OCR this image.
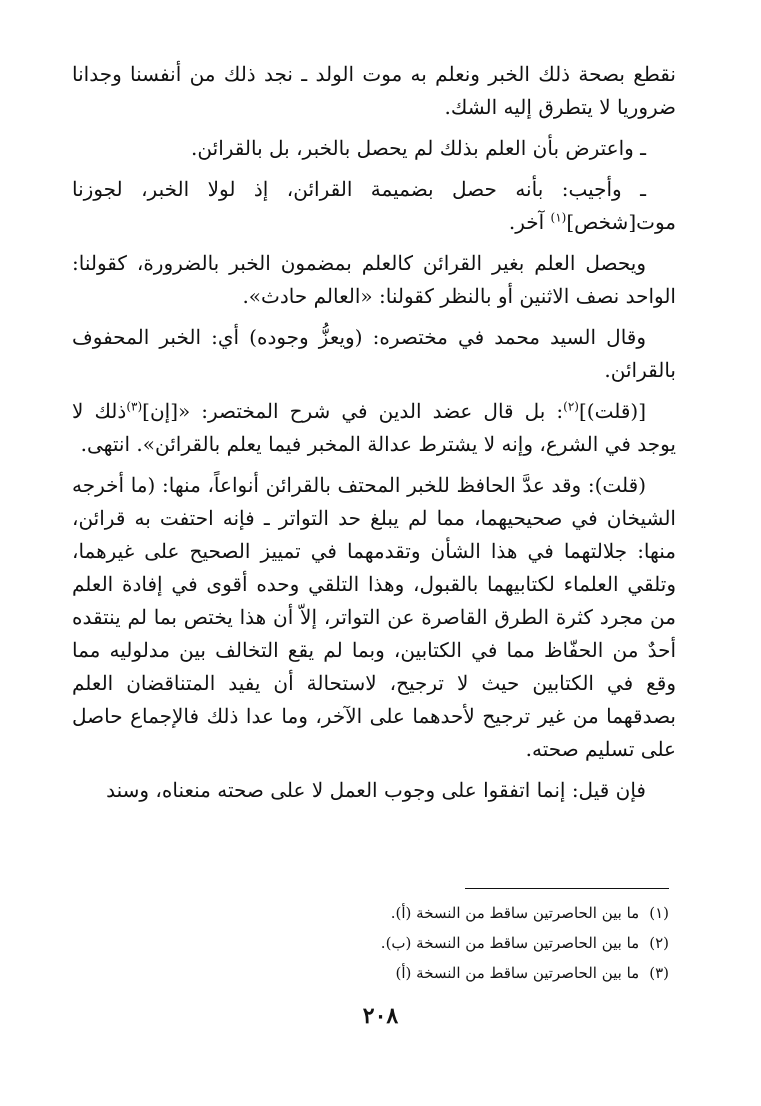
نقطع بصحة ذلك الخبر ونعلم به موت الولد ـ نجد ذلك من أنفسنا وجدانا ضروريا لا يتطرق إليه الشك.

ـ واعترض بأن العلم بذلك لم يحصل بالخبر، بل بالقرائن.

ـ وأجيب: بأنه حصل بضميمة القرائن، إذ لولا الخبر، لجوزنا موت[شخص]$^{(١)}$ آخر.

ويحصل العلم بغير القرائن كالعلم بمضمون الخبر بالضرورة، كقولنا: الواحد نصف الاثنين أو بالنظر كقولنا: «العالم حادث».

وقال السيد محمد في مختصره: (ويعزُّ وجوده) أي: الخبر المحفوف بالقرائن.

[(قلت)]$^{(٢)}$: بل قال عضد الدين في شرح المختصر: «[إن]$^{(٣)}$ذلك لا يوجد في الشرع، وإنه لا يشترط عدالة المخبر فيما يعلم بالقرائن». انتهى.

(قلت): وقد عدَّ الحافظ للخبر المحتف بالقرائن أنواعاً، منها: (ما أخرجه الشيخان في صحيحيهما، مما لم يبلغ حد التواتر ـ فإنه احتفت به قرائن، منها: جلالتهما في هذا الشأن وتقدمهما في تمييز الصحيح على غيرهما، وتلقي العلماء لكتابيهما بالقبول، وهذا التلقي وحده أقوى في إفادة العلم من مجرد كثرة الطرق القاصرة عن التواتر، إلاّ أن هذا يختص بما لم ينتقده أحدٌ من الحفّاظ مما في الكتابين، وبما لم يقع التخالف بين مدلوليه مما وقع في الكتابين حيث لا ترجيح، لاستحالة أن يفيد المتناقضان العلم بصدقهما من غير ترجيح لأحدهما على الآخر، وما عدا ذلك فالإجماع حاصل على تسليم صحته.

فإن قيل: إنما اتفقوا على وجوب العمل لا على صحته منعناه، وسند

(١)ما بين الحاصرتين ساقط من النسخة (أ).
(٢)ما بين الحاصرتين ساقط من النسخة (ب).
(٣)ما بين الحاصرتين ساقط من النسخة (أ)
٢٠٨
